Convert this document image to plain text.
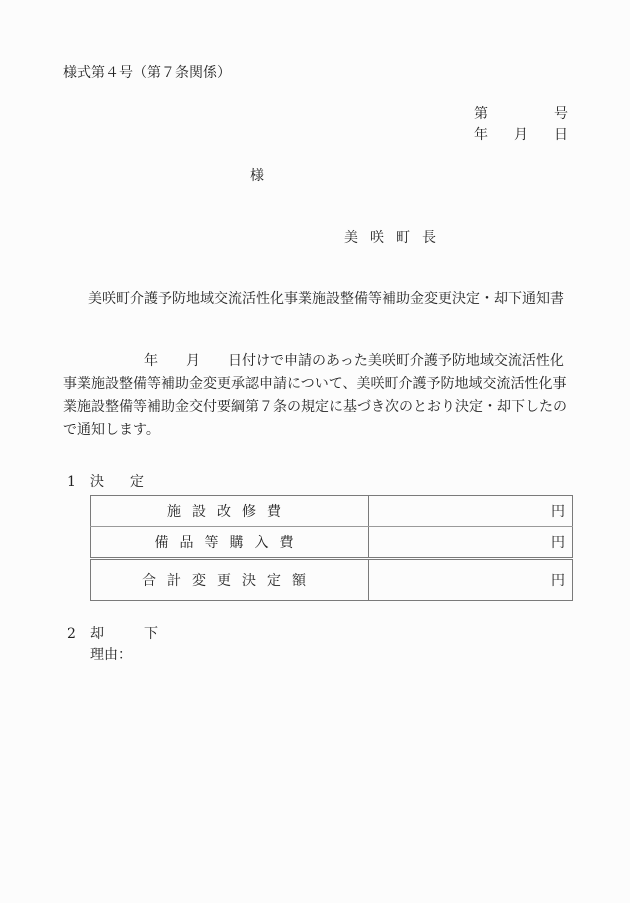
様式第４号（第７条関係）
第	号
年 月 日
様
美咲町長
美咲町介護予防地域交流活性化事業施設整備等補助金変更決定・却下通知書
年 月 日付けで申請のあった美咲町介護予防地域交流活性化事業施設整備等補助金変更承認申請について、美咲町介護予防地域交流活性化事業施設整備等補助金交付要綱第７条の規定に基づき次のとおり決定・却下したので通知します。
1 決 定
施設改修費	円
備品等購入費	円
合計変更決定額	円
2 却	下
理由：
